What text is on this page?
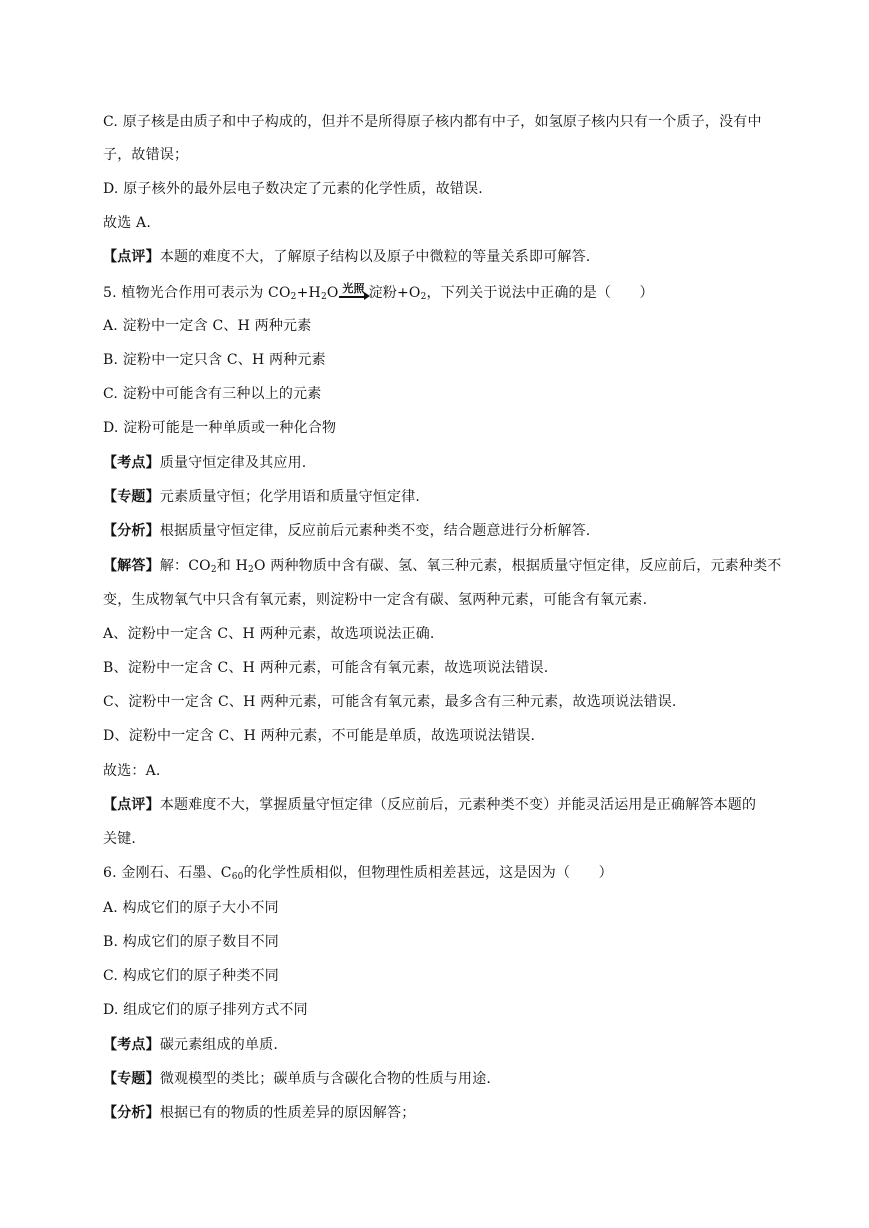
C. 原子核是由质子和中子构成的，但并不是所得原子核内都有中子，如氢原子核内只有一个质子，没有中
子，故错误；
D. 原子核外的最外层电子数决定了元素的化学性质，故错误.
故选 A.
【点评】本题的难度不大，了解原子结构以及原子中微粒的等量关系即可解答.
5. 植物光合作用可表示为 $CO_2+H_2O$ 光照 淀粉$+O_2$，下列关于说法中正确的是（　　）
A. 淀粉中一定含 C、H 两种元素
B. 淀粉中一定只含 C、H 两种元素
C. 淀粉中可能含有三种以上的元素
D. 淀粉可能是一种单质或一种化合物
【考点】质量守恒定律及其应用.
【专题】元素质量守恒；化学用语和质量守恒定律.
【分析】根据质量守恒定律，反应前后元素种类不变，结合题意进行分析解答.
【解答】解：$CO_2$和 $H_2O$ 两种物质中含有碳、氢、氧三种元素，根据质量守恒定律，反应前后，元素种类不
变，生成物氧气中只含有氧元素，则淀粉中一定含有碳、氢两种元素，可能含有氧元素.
A、淀粉中一定含 C、H 两种元素，故选项说法正确.
B、淀粉中一定含 C、H 两种元素，可能含有氧元素，故选项说法错误.
C、淀粉中一定含 C、H 两种元素，可能含有氧元素，最多含有三种元素，故选项说法错误.
D、淀粉中一定含 C、H 两种元素，不可能是单质，故选项说法错误.
故选：A.
【点评】本题难度不大，掌握质量守恒定律（反应前后，元素种类不变）并能灵活运用是正确解答本题的
关键.
6. 金刚石、石墨、$C_{60}$的化学性质相似，但物理性质相差甚远，这是因为（　　）
A. 构成它们的原子大小不同
B. 构成它们的原子数目不同
C. 构成它们的原子种类不同
D. 组成它们的原子排列方式不同
【考点】碳元素组成的单质.
【专题】微观模型的类比；碳单质与含碳化合物的性质与用途.
【分析】根据已有的物质的性质差异的原因解答；
